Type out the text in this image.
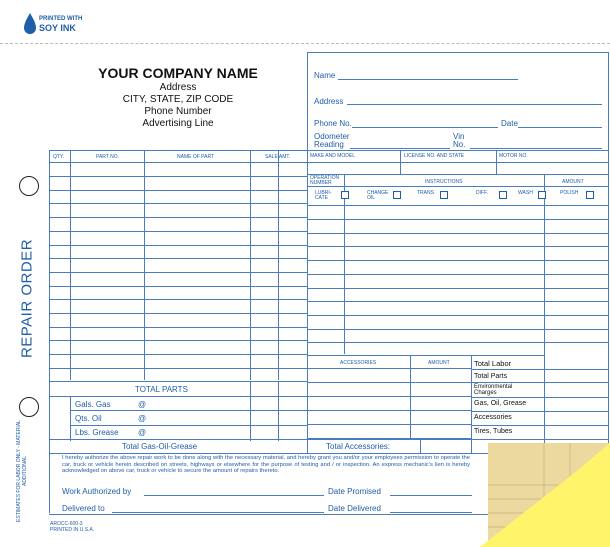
PRINTED WITH
SOY INK
YOUR COMPANY NAME
Address
CITY, STATE, ZIP CODE
Phone Number
Advertising Line
REPAIR ORDER
ESTIMATES FOR LABOR ONLY - MATERIAL ADDITIONAL
Name
Address
Phone No.	Date
Odometer
Reading
Vin
No.
QTY.	PART NO.	NAME OF PART	SALE AMT.
TOTAL PARTS
Gals. Gas	@
Qts. Oil	@
Lbs. Grease @
Total Gas-Oil-Grease	Total Accessories:
MAKE AND MODEL	LICENSE NO. AND STATE	MOTOR NO.
OPERATION
NUMBER	INSTRUCTIONS	AMOUNT
LUBRI-
CATE
CHANGE
OIL
TRANS	DIFF.	WASH	POLISH
ACCESSORIES	AMOUNT	Total Labor
Total Parts
Environmental
Charges
Gas, Oil, Grease
Accessories
Tires, Tubes
I hereby authorize the above repair work to be done along with the necessary material, and hereby grant you and/or your employees permission to operate the car, truck or vehicle herein described on streets, highways or elsewhere for the purpose of testing and / or inspection. An express mechanic's lien is hereby acknowledged on above car, truck or vehicle to secure the amount of repairs thereto.
Work Authorized by	Date Promised
Delivered to	Date Delivered
AROCC-600-3
PRINTED IN U.S.A.
